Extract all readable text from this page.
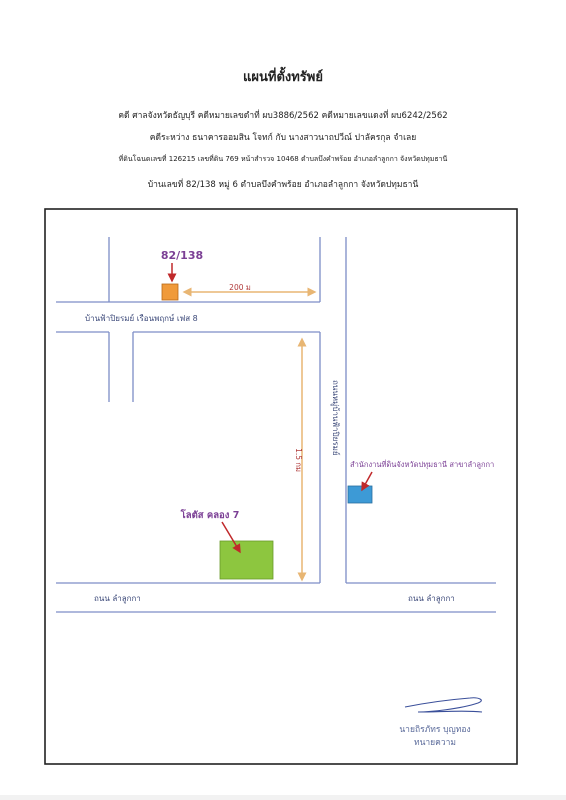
แผนที่ตั้งทรัพย์
คดี ศาลจังหวัดธัญบุรี คดีหมายเลขดำที่ ผบ3886/2562 คดีหมายเลขแดงที่ ผบ6242/2562
คดีระหว่าง ธนาคารออมสิน โจทก์ กับ นางสาวนาถปวีณ์ ปาลัครกุล จำเลย
ที่ดินโฉนดเลขที่ 126215 เลขที่ดิน 769 หน้าสำรวจ 10468 ตำบลบึงคำพร้อย อำเภอลำลูกกา จังหวัดปทุมธานี
บ้านเลขที่ 82/138 หมู่ 6 ตำบลบึงคำพร้อย อำเภอลำลูกกา จังหวัดปทุมธานี
82/138
200 ม
บ้านฟ้าปิยรมย์ เรือนพฤกษ์ เฟส 8
1.5 กม
ถนนหมู่บ้านฟ้าปิยรมย์
โลตัส คลอง 7
สำนักงานที่ดินจังหวัดปทุมธานี สาขาลำลูกกา
ถนน ลำลูกกา	ถนน ลำลูกกา
นายถิรภัทร บุญทอง
ทนายความ
